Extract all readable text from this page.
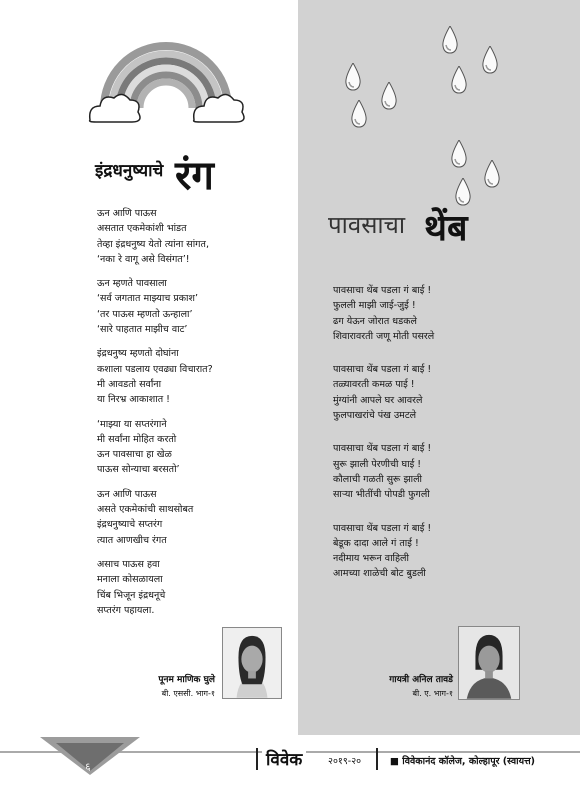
इंद्रधनुष्याचे रंग
ऊन आणि पाऊस
असतात एकमेकांशी भांडत
तेव्हा इंद्रधनुष्य येतो त्यांना सांगत,
‘नका रे वागू असे विसंगत’!
ऊन म्हणते पावसाला
‘सर्व जगतात माझ्याच प्रकाश’
‘तर पाऊस म्हणतो ऊन्हाला’
‘सारे पाहतात माझीच वाट’
इंद्रधनुष्य म्हणतो दोघांना
कशाला पडलाय एवढ्या विचारात?
मी आवडतो सर्वांना
या निरभ्र आकाशात !
‘माझ्या या सप्तरंगाने
मी सर्वांना मोहित करतो
ऊन पावसाचा हा खेळ
पाऊस सोन्याचा बरसतो’
ऊन आणि पाऊस
असते एकमेकांची साथसोबत
इंद्रधनुष्याचे सप्तरंग
त्यात आणखीच रंगत
असाच पाऊस हवा
मनाला कोसळायला
चिंब भिजून इंद्रधनूचे
सप्तरंग पहायला.
पावसाचा थेंब
पावसाचा थेंब पडला गं बाई !
फुलली माझी जाई-जुई !
ढग येऊन जोरात धडकले
शिवारावरती जणू मोती पसरले
पावसाचा थेंब पडला गं बाई !
तळ्यावरती कमळ पाई !
मुंग्यांनी आपले घर आवरले
फुलपाखरांचे पंख उमटले
पावसाचा थेंब पडला गं बाई !
सुरू झाली पेरणीची घाई !
कौलाची गळती सुरू झाली
साऱ्या भीतींची पोपडी फुगली
पावसाचा थेंब पडला गं बाई !
बेडूक दादा आले गं ताई !
नदीमाय भरून वाहिली
आमच्या शाळेची बोट बुडली
पूनम माणिक घुले
बी. एससी. भाग-१
गायत्री अनिल तावडे
बी. ए. भाग-१
६	विवेक	२०१९-२०	■ विवेकानंद कॉलेज, कोल्हापूर (स्वायत्त)
